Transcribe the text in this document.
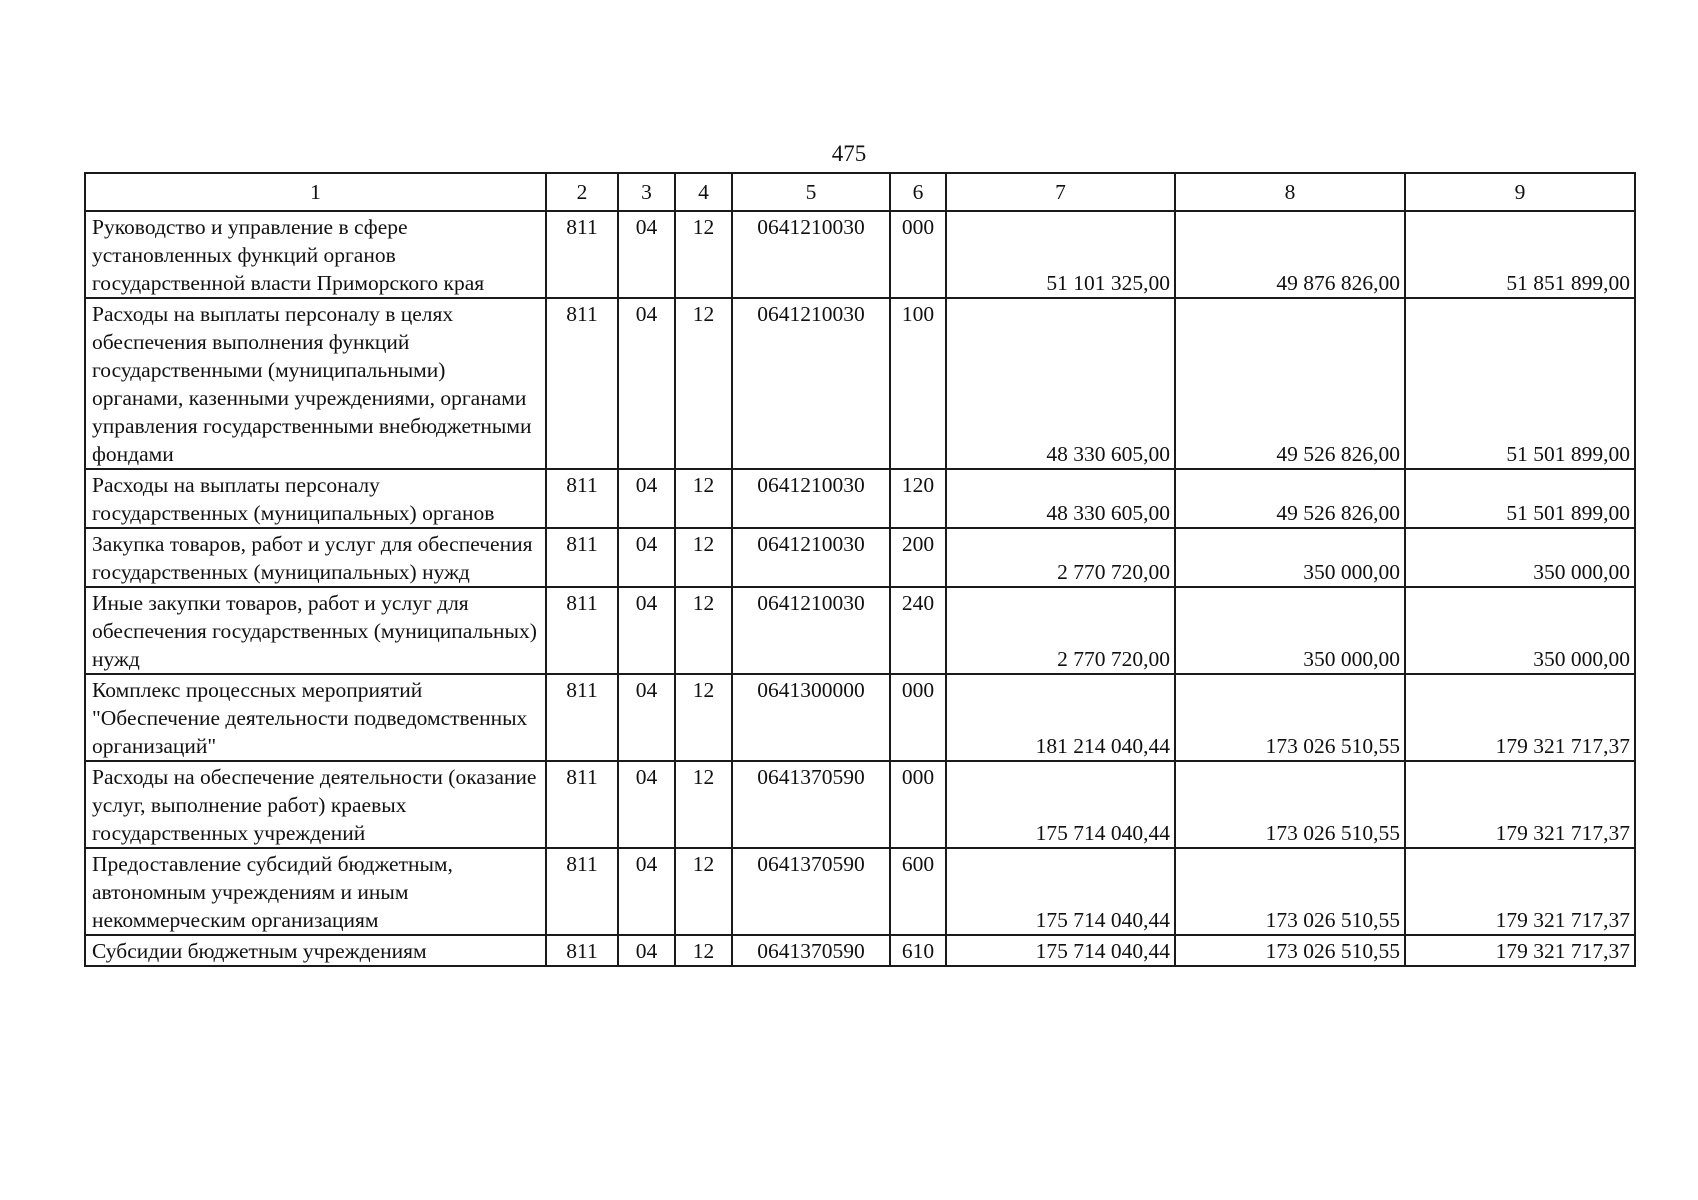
475
1	2	3	4	5	6	7	8	9
Руководство и управление в сфере установленных функций органов государственной власти Приморского края	811	04	12	0641210030	000	51 101 325,00	49 876 826,00	51 851 899,00
Расходы на выплаты персоналу в целях обеспечения выполнения функций государственными (муниципальными) органами, казенными учреждениями, органами управления государственными внебюджетными фондами	811	04	12	0641210030	100	48 330 605,00	49 526 826,00	51 501 899,00
Расходы на выплаты персоналу государственных (муниципальных) органов	811	04	12	0641210030	120	48 330 605,00	49 526 826,00	51 501 899,00
Закупка товаров, работ и услуг для обеспечения государственных (муниципальных) нужд	811	04	12	0641210030	200	2 770 720,00	350 000,00	350 000,00
Иные закупки товаров, работ и услуг для обеспечения государственных (муниципальных) нужд	811	04	12	0641210030	240	2 770 720,00	350 000,00	350 000,00
Комплекс процессных мероприятий "Обеспечение деятельности подведомственных организаций"	811	04	12	0641300000	000	181 214 040,44	173 026 510,55	179 321 717,37
Расходы на обеспечение деятельности (оказание услуг, выполнение работ) краевых государственных учреждений	811	04	12	0641370590	000	175 714 040,44	173 026 510,55	179 321 717,37
Предоставление субсидий бюджетным, автономным учреждениям и иным некоммерческим организациям	811	04	12	0641370590	600	175 714 040,44	173 026 510,55	179 321 717,37
Субсидии бюджетным учреждениям	811	04	12	0641370590	610	175 714 040,44	173 026 510,55	179 321 717,37
